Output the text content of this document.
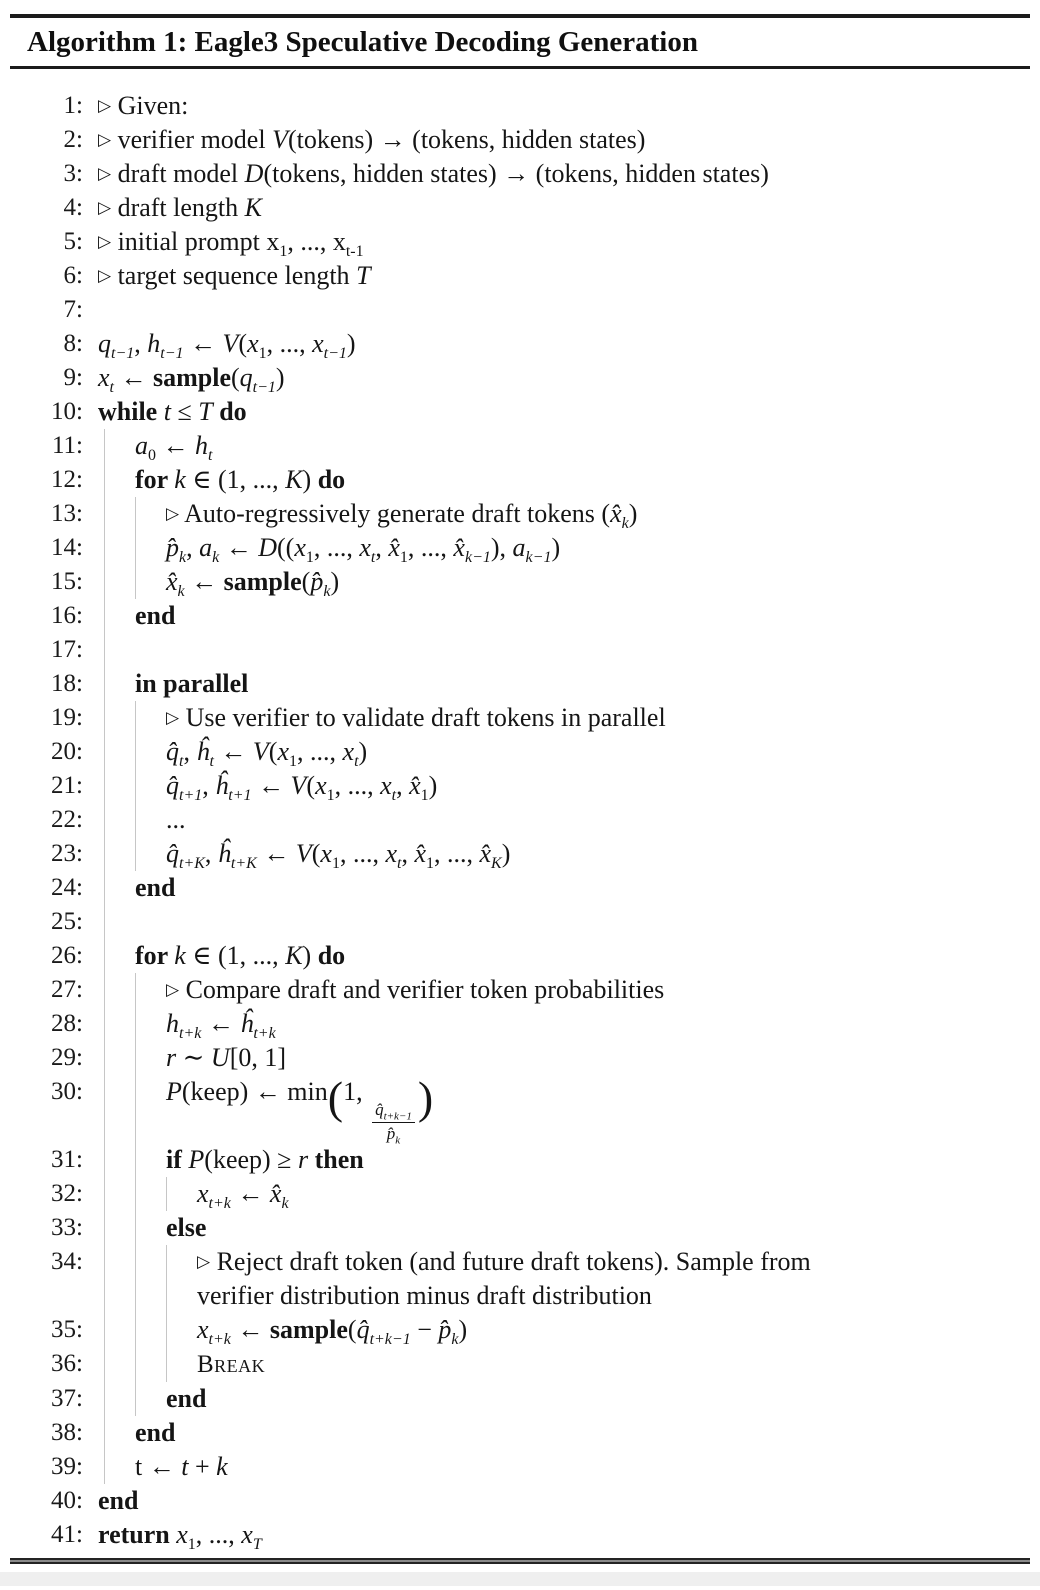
Algorithm 1: Eagle3 Speculative Decoding Generation
1: ▷ Given:
2: ▷ verifier model V(tokens) → (tokens, hidden states)
3: ▷ draft model D(tokens, hidden states) → (tokens, hidden states)
4: ▷ draft length K
5: ▷ initial prompt $x_1$, ..., $x_{t-1}$
6: ▷ target sequence length T
7:
8: $q_{t-1}$, $h_{t-1}$ ← $V(x_1$, ..., $x_{t-1}$)
9: $x_t$ ← $sample(q_{t-1})$
10: while t ≤ T do
11: $a_0$ ← $h_t$
12: for k ∈ (1, ..., K) do
13:	▷ Auto-regressively generate draft tokens $(x̂_k)$
14:	$p̂_k$, $a_k$ ← $D((x_1$, ..., $x_t$, $x̂_1$, ..., $x̂_{k-1}$), $a_{k-1}$)
15:	$x̂_k$ ← $sample(p̂_k)$
16: end
17:
18: in parallel
19:	▷ Use verifier to validate draft tokens in parallel
20:	$q̂_t$, $ĥ_t$ ← $V(x_1$, ..., $x_t$)
21:	$q̂_{t+1}$, $ĥ_{t+1}$ ← $V(x_1$, ..., $x_t$, $x̂_1$)
22:	...
23:	$q̂_{t+K}$, $ĥ_{t+K}$ ← $V(x_1$, ..., $x_t$, $x̂_1$, ..., $x̂_K$)
24: end
25:
26: for k ∈ (1, ..., K) do
27:	▷ Compare draft and verifier token probabilities
28:	$h_{t+k}$ ← $ĥ_{t+k}$
29:	r ∼ U[0, 1]
30:	P(keep) ← min(1,
$\frac{q̂_{t+k-1}}{p̂_k}$ )
31:	if P(keep) ≥ r then
32:	$x_{t+k}$ ← $x̂_k$
33:	else
34:	▷ Reject draft token (and future draft tokens). Sample from
verifier distribution minus draft distribution
35:	$x_{t+k}$ ← $sample(q̂_{t+k-1}$ − $p̂_k$)
36:	Break
37:	end
38: end
39: t ← t + k
40: end
41: return $x_1$, ..., $x_T$
